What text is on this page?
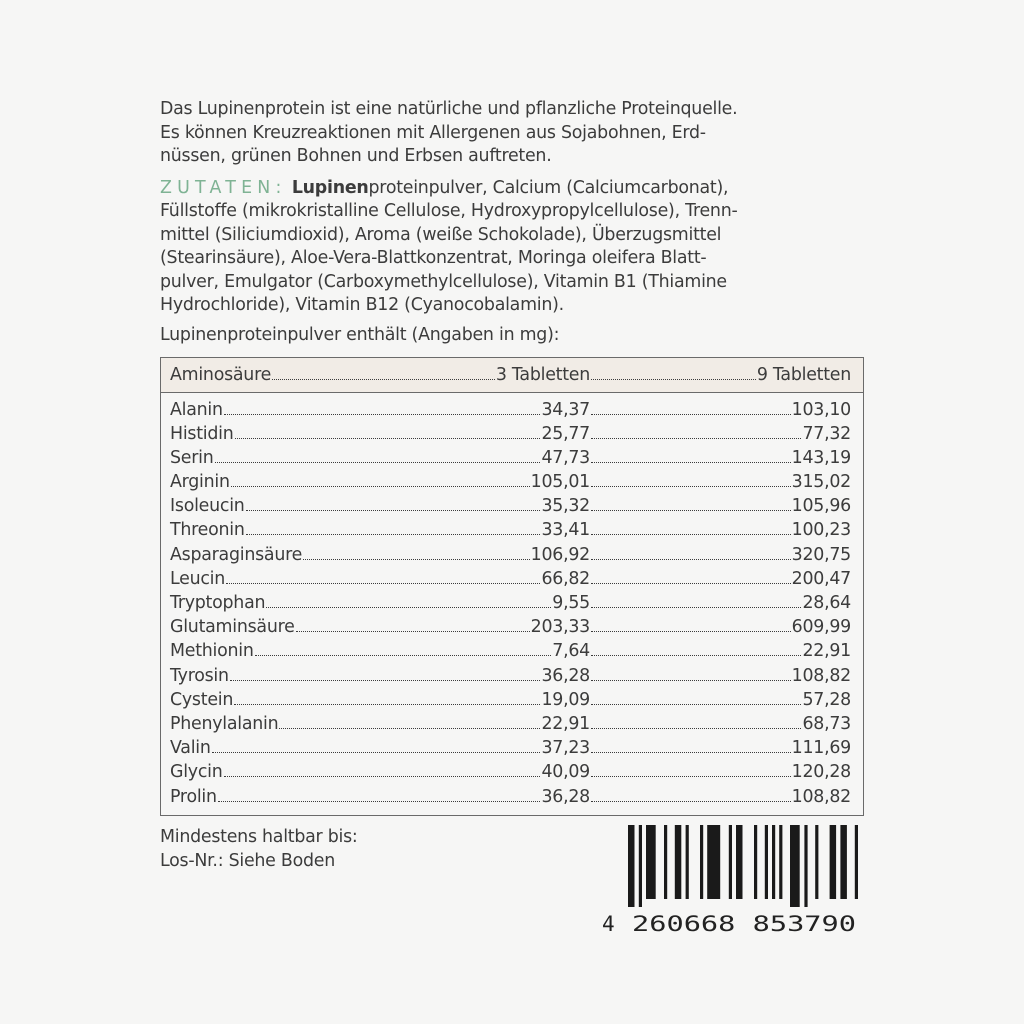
Das Lupinenprotein ist eine natürliche und pflanzliche Proteinquelle.
Es können Kreuzreaktionen mit Allergenen aus Sojabohnen, Erd-
nüssen, grünen Bohnen und Erbsen auftreten.

ZUTATEN: Lupinenproteinpulver, Calcium (Calciumcarbonat),
Füllstoffe (mikrokristalline Cellulose, Hydroxypropylcellulose), Trenn-
mittel (Siliciumdioxid), Aroma (weiße Schokolade), Überzugsmittel
(Stearinsäure), Aloe-Vera-Blattkonzentrat, Moringa oleifera Blatt-
pulver, Emulgator (Carboxymethylcellulose), Vitamin B1 (Thiamine
Hydrochloride), Vitamin B12 (Cyanocobalamin).

Lupinenproteinpulver enthält (Angaben in mg):

Aminosäure	3 Tabletten	9 Tabletten
Alanin	34,37	103,10
Histidin	25,77	77,32
Serin	47,73	143,19
Arginin	105,01	315,02
Isoleucin	35,32	105,96
Threonin	33,41	100,23
Asparaginsäure	106,92	320,75
Leucin	66,82	200,47
Tryptophan	9,55	28,64
Glutaminsäure	203,33	609,99
Methionin	7,64	22,91
Tyrosin	36,28	108,82
Cystein	19,09	57,28
Phenylalanin	22,91	68,73
Valin	37,23	111,69
Glycin	40,09	120,28
Prolin	36,28	108,82
Mindestens haltbar bis:
Los-Nr.: Siehe Boden
4 260668 853790
